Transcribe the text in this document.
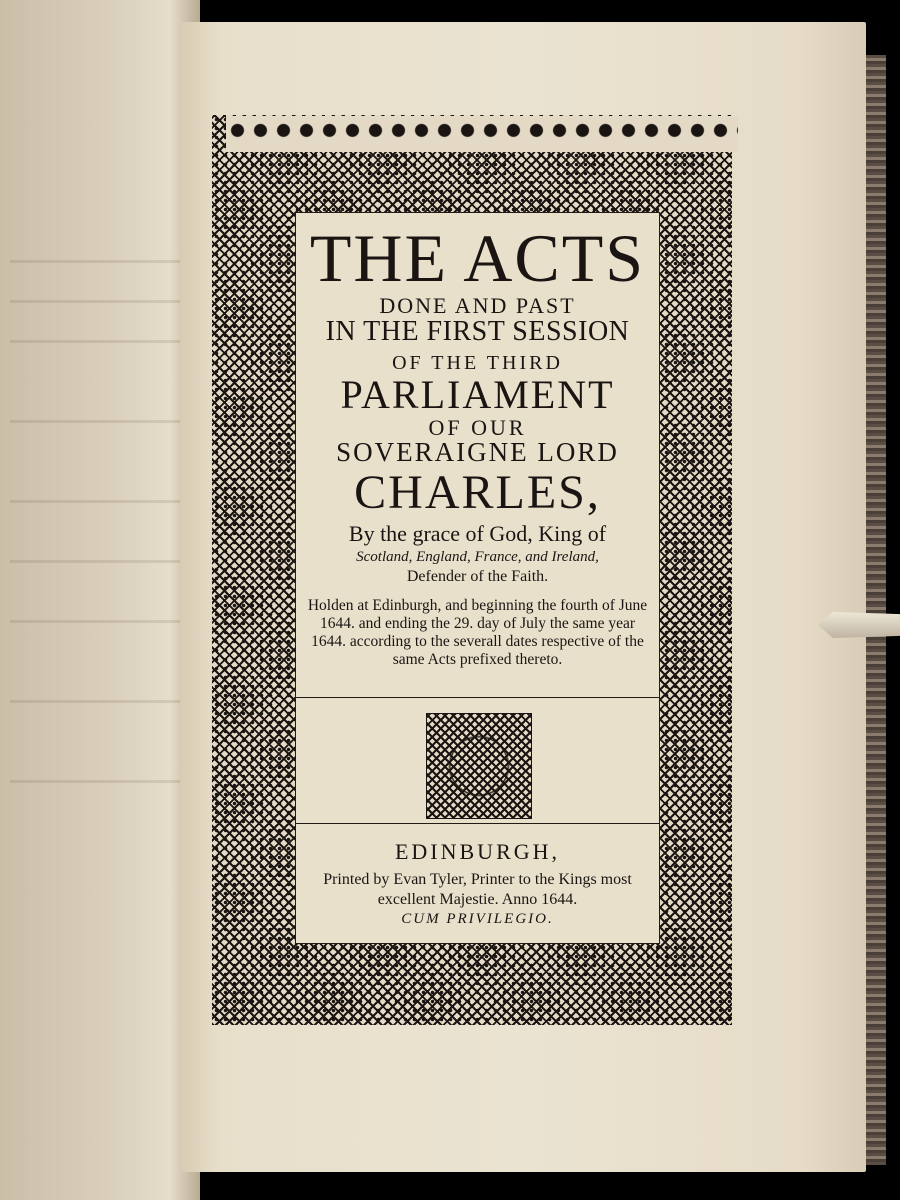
THE ACTS
DONE AND PAST
IN THE FIRST SESSION
OF THE THIRD
PARLIAMENT
OF OUR
SOVERAIGNE LORD
CHARLES,
By the grace of God, King of
Scotland, England, France, and Ireland,
Defender of the Faith.
Holden at Edinburgh, and beginning the fourth of June 1644. and ending the 29. day of July the same year 1644. according to the severall dates respective of the same Acts prefixed thereto.
EDINBURGH,
Printed by Evan Tyler, Printer to the Kings most excellent Majestie. Anno 1644.
CUM PRIVILEGIO.
